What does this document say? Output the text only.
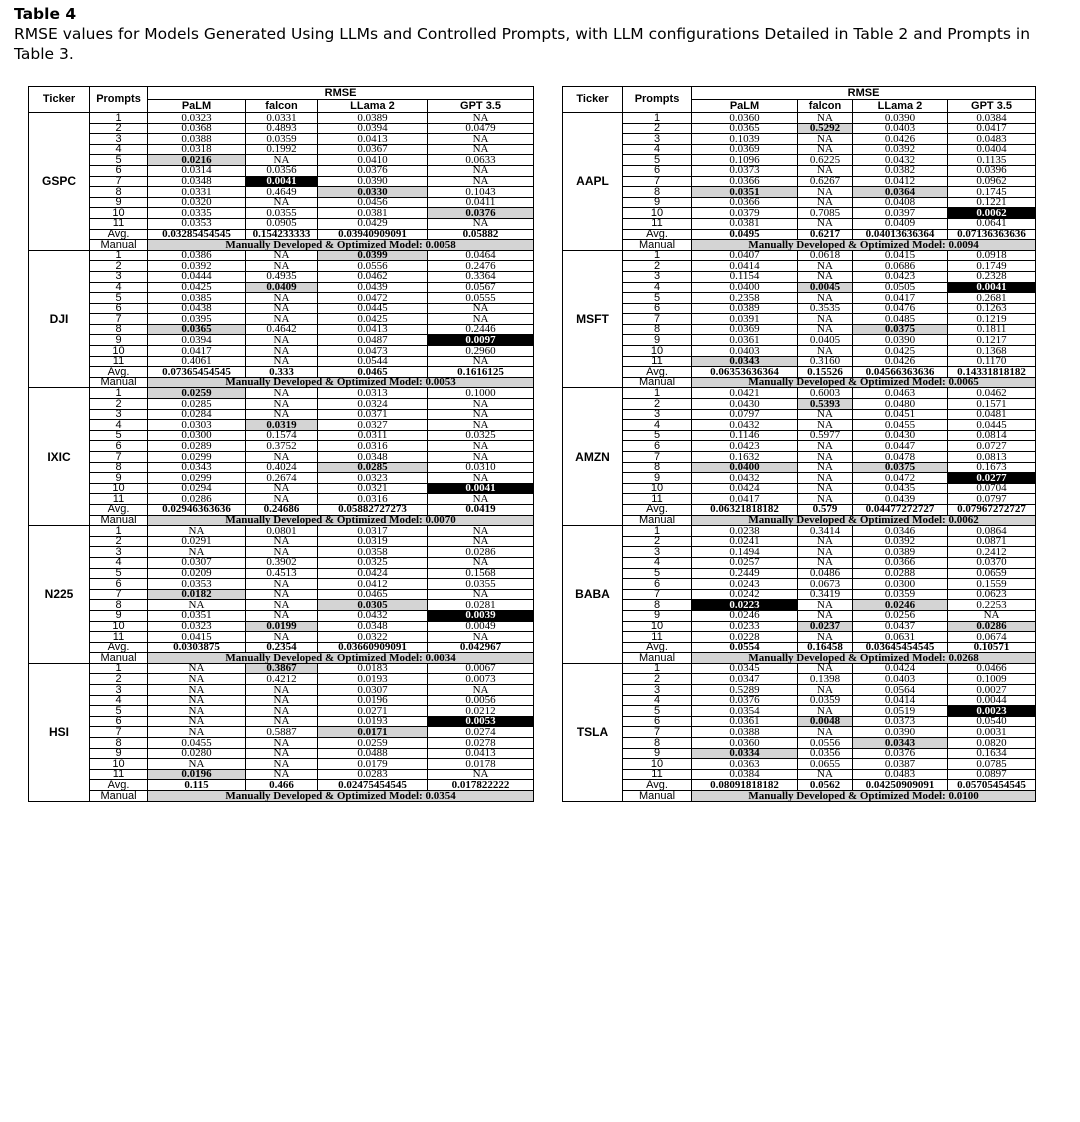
Table 4
RMSE values for Models Generated Using LLMs and Controlled Prompts, with LLM configurations Detailed in Table 2 and Prompts in Table 3.
Ticker	Prompts	RMSE			
		PaLM	falcon	LLama 2	GPT 3.5
GSPC	1	0.0323	0.0331	0.0389	NA
	2	0.0368	0.4893	0.0394	0.0479
	3	0.0388	0.0359	0.0413	NA
	4	0.0318	0.1992	0.0367	NA
	5	0.0216	NA	0.0410	0.0633
	6	0.0314	0.0356	0.0376	NA
	7	0.0348	0.0041	0.0390	NA
	8	0.0331	0.4649	0.0330	0.1043
	9	0.0320	NA	0.0456	0.0411
	10	0.0335	0.0355	0.0381	0.0376
	11	0.0353	0.0905	0.0429	NA
	Avg.	0.03285454545	0.154233333	0.03940909091	0.05882
	Manual	Manually Developed & Optimized Model: 0.0058			
DJI	1	0.0386	NA	0.0399	0.0464
	2	0.0392	NA	0.0556	0.2476
	3	0.0444	0.4935	0.0462	0.3364
	4	0.0425	0.0409	0.0439	0.0567
	5	0.0385	NA	0.0472	0.0555
	6	0.0438	NA	0.0445	NA
	7	0.0395	NA	0.0425	NA
	8	0.0365	0.4642	0.0413	0.2446
	9	0.0394	NA	0.0487	0.0097
	10	0.0417	NA	0.0473	0.2960
	11	0.4061	NA	0.0544	NA
	Avg.	0.07365454545	0.333	0.0465	0.1616125
	Manual	Manually Developed & Optimized Model: 0.0053			
IXIC	1	0.0259	NA	0.0313	0.1000
	2	0.0285	NA	0.0324	NA
	3	0.0284	NA	0.0371	NA
	4	0.0303	0.0319	0.0327	NA
	5	0.0300	0.1574	0.0311	0.0325
	6	0.0289	0.3752	0.0316	NA
	7	0.0299	NA	0.0348	NA
	8	0.0343	0.4024	0.0285	0.0310
	9	0.0299	0.2674	0.0323	NA
	10	0.0294	NA	0.0321	0.0041
	11	0.0286	NA	0.0316	NA
	Avg.	0.02946363636	0.24686	0.05882727273	0.0419
	Manual	Manually Developed & Optimized Model: 0.0070			
N225	1	NA	0.0801	0.0317	NA
	2	0.0291	NA	0.0319	NA
	3	NA	NA	0.0358	0.0286
	4	0.0307	0.3902	0.0325	NA
	5	0.0209	0.4513	0.0424	0.1568
	6	0.0353	NA	0.0412	0.0355
	7	0.0182	NA	0.0465	NA
	8	NA	NA	0.0305	0.0281
	9	0.0351	NA	0.0432	0.0039
	10	0.0323	0.0199	0.0348	0.0049
	11	0.0415	NA	0.0322	NA
	Avg.	0.0303875	0.2354	0.03660909091	0.042967
	Manual	Manually Developed & Optimized Model: 0.0034			
HSI	1	NA	0.3867	0.0183	0.0067
	2	NA	0.4212	0.0193	0.0073
	3	NA	NA	0.0307	NA
	4	NA	NA	0.0196	0.0056
	5	NA	NA	0.0271	0.0212
	6	NA	NA	0.0193	0.0053
	7	NA	0.5887	0.0171	0.0274
	8	0.0455	NA	0.0259	0.0278
	9	0.0280	NA	0.0488	0.0413
	10	NA	NA	0.0179	0.0178
	11	0.0196	NA	0.0283	NA
	Avg.	0.115	0.466	0.02475454545	0.017822222
	Manual	Manually Developed & Optimized Model: 0.0354			
Ticker	Prompts	RMSE			
		PaLM	falcon	LLama 2	GPT 3.5
AAPL	1	0.0360	NA	0.0390	0.0384
	2	0.0365	0.5292	0.0403	0.0417
	3	0.1039	NA	0.0426	0.0483
	4	0.0369	NA	0.0392	0.0404
	5	0.1096	0.6225	0.0432	0.1135
	6	0.0373	NA	0.0382	0.0396
	7	0.0366	0.6267	0.0412	0.0962
	8	0.0351	NA	0.0364	0.1745
	9	0.0366	NA	0.0408	0.1221
	10	0.0379	0.7085	0.0397	0.0062
	11	0.0381	NA	0.0409	0.0641
	Avg.	0.0495	0.6217	0.04013636364	0.07136363636
	Manual	Manually Developed & Optimized Model: 0.0094			
MSFT	1	0.0407	0.0618	0.0415	0.0918
	2	0.0414	NA	0.0686	0.1749
	3	0.1154	NA	0.0423	0.2328
	4	0.0400	0.0045	0.0505	0.0041
	5	0.2358	NA	0.0417	0.2681
	6	0.0389	0.3535	0.0476	0.1263
	7	0.0391	NA	0.0485	0.1219
	8	0.0369	NA	0.0375	0.1811
	9	0.0361	0.0405	0.0390	0.1217
	10	0.0403	NA	0.0425	0.1368
	11	0.0343	0.3160	0.0426	0.1170
	Avg.	0.06353636364	0.15526	0.04566363636	0.14331818182
	Manual	Manually Developed & Optimized Model: 0.0065			
AMZN	1	0.0421	0.6003	0.0463	0.0462
	2	0.0430	0.5393	0.0480	0.1571
	3	0.0797	NA	0.0451	0.0481
	4	0.0432	NA	0.0455	0.0445
	5	0.1146	0.5977	0.0430	0.0814
	6	0.0423	NA	0.0447	0.0727
	7	0.1632	NA	0.0478	0.0813
	8	0.0400	NA	0.0375	0.1673
	9	0.0432	NA	0.0472	0.0277
	10	0.0424	NA	0.0435	0.0704
	11	0.0417	NA	0.0439	0.0797
	Avg.	0.06321818182	0.579	0.04477272727	0.07967272727
	Manual	Manually Developed & Optimized Model: 0.0062			
BABA	1	0.0238	0.3414	0.0346	0.0864
	2	0.0241	NA	0.0392	0.0871
	3	0.1494	NA	0.0389	0.2412
	4	0.0257	NA	0.0366	0.0370
	5	0.2449	0.0486	0.0288	0.0659
	6	0.0243	0.0673	0.0300	0.1559
	7	0.0242	0.3419	0.0359	0.0623
	8	0.0223	NA	0.0246	0.2253
	9	0.0246	NA	0.0256	NA
	10	0.0233	0.0237	0.0437	0.0286
	11	0.0228	NA	0.0631	0.0674
	Avg.	0.0554	0.16458	0.03645454545	0.10571
	Manual	Manually Developed & Optimized Model: 0.0268			
TSLA	1	0.0345	NA	0.0424	0.0466
	2	0.0347	0.1398	0.0403	0.1009
	3	0.5289	NA	0.0564	0.0027
	4	0.0376	0.0359	0.0414	0.0044
	5	0.0354	NA	0.0519	0.0023
	6	0.0361	0.0048	0.0373	0.0540
	7	0.0388	NA	0.0390	0.0031
	8	0.0360	0.0556	0.0343	0.0820
	9	0.0334	0.0356	0.0376	0.1634
	10	0.0363	0.0655	0.0387	0.0785
	11	0.0384	NA	0.0483	0.0897
	Avg.	0.08091818182	0.0562	0.04250909091	0.05705454545
	Manual	Manually Developed & Optimized Model: 0.0100			
